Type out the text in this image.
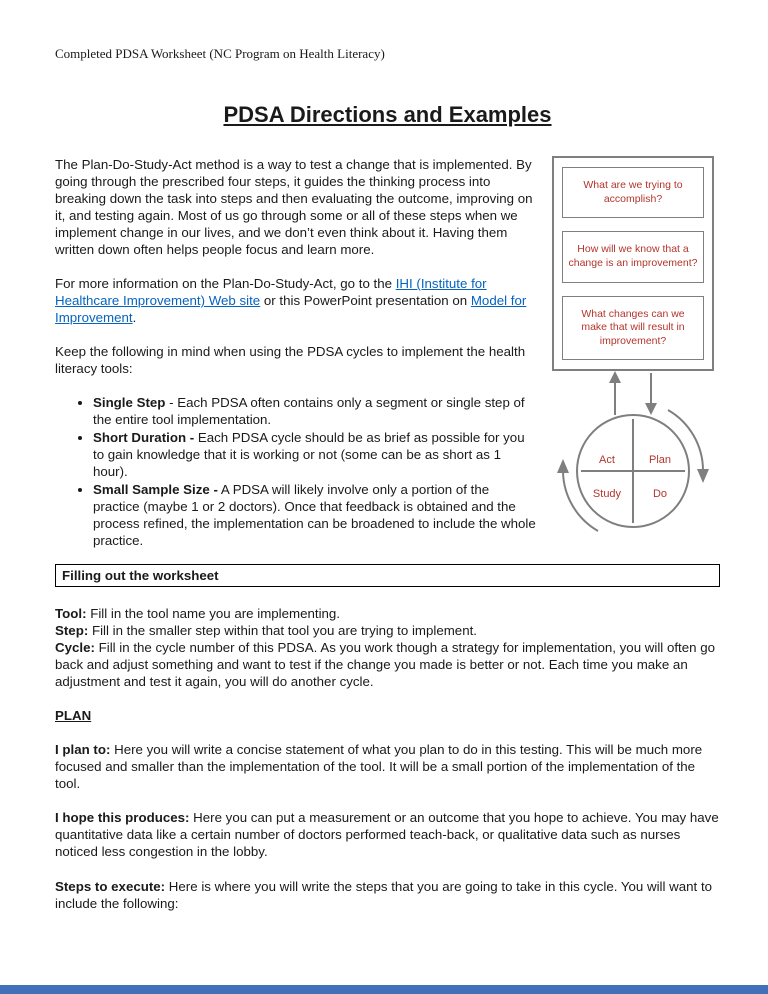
Completed PDSA Worksheet (NC Program on Health Literacy)

PDSA Directions and Examples

The Plan-Do-Study-Act method is a way to test a change that is implemented. By going through the prescribed four steps, it guides the thinking process into breaking down the task into steps and then evaluating the outcome, improving on it, and testing again. Most of us go through some or all of these steps when we implement change in our lives, and we don’t even think about it. Having them written down often helps people focus and learn more.

For more information on the Plan-Do-Study-Act, go to the IHI (Institute for Healthcare Improvement) Web site or this PowerPoint presentation on Model for Improvement.

Keep the following in mind when using the PDSA cycles to implement the health literacy tools:

• Single Step - Each PDSA often contains only a segment or single step of the entire tool implementation.
• Short Duration - Each PDSA cycle should be as brief as possible for you to gain knowledge that it is working or not (some can be as short as 1 hour).
• Small Sample Size - A PDSA will likely involve only a portion of the practice (maybe 1 or 2 doctors). Once that feedback is obtained and the process refined, the implementation can be broadened to include the whole practice.
What are we trying to accomplish?
How will we know that a change is an improvement?
What changes can we make that will result in improvement?
Act	Plan
Study	Do
Filling out the worksheet

Tool: Fill in the tool name you are implementing.

Step: Fill in the smaller step within that tool you are trying to implement.

Cycle: Fill in the cycle number of this PDSA. As you work though a strategy for implementation, you will often go back and adjust something and want to test if the change you made is better or not. Each time you make an adjustment and test it again, you will do another cycle.

PLAN

I plan to: Here you will write a concise statement of what you plan to do in this testing. This will be much more focused and smaller than the implementation of the tool. It will be a small portion of the implementation of the tool.

I hope this produces: Here you can put a measurement or an outcome that you hope to achieve. You may have quantitative data like a certain number of doctors performed teach-back, or qualitative data such as nurses noticed less congestion in the lobby.

Steps to execute: Here is where you will write the steps that you are going to take in this cycle. You will want to include the following:
